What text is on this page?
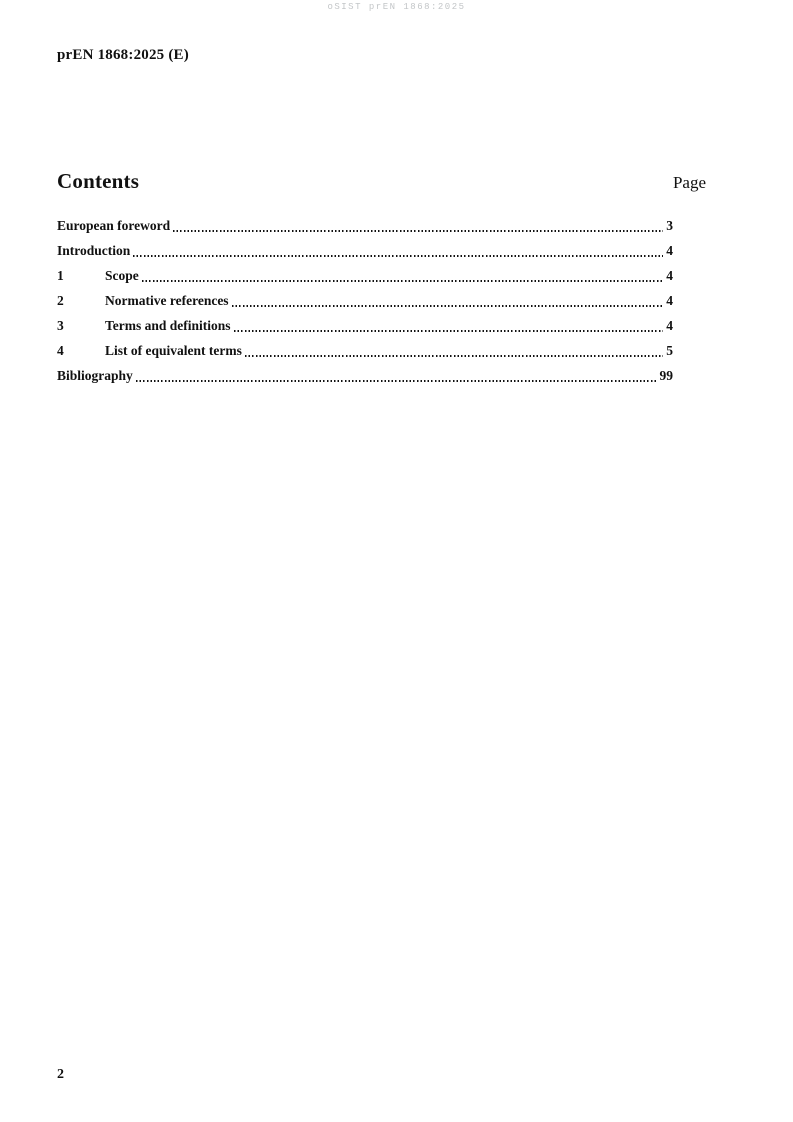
oSIST prEN 1868:2025
prEN 1868:2025 (E)
Contents	Page
European foreword	3
Introduction	4
1	Scope	4
2	Normative references	4
3	Terms and definitions	4
4	List of equivalent terms	5
Bibliography	99
2
